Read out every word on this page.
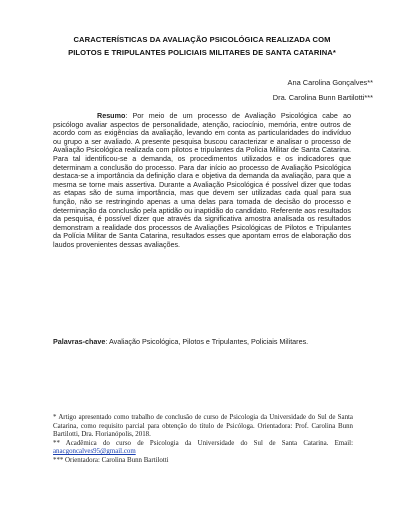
CARACTERÍSTICAS DA AVALIAÇÃO PSICOLÓGICA REALIZADA COM
PILOTOS E TRIPULANTES POLICIAIS MILITARES DE SANTA CATARINA*
Ana Carolina Gonçalves**
Dra. Carolina Bunn Bartilotti***
Resumo: Por meio de um processo de Avaliação Psicológica cabe ao psicólogo avaliar aspectos de personalidade, atenção, raciocínio, memória, entre outros de acordo com as exigências da avaliação, levando em conta as particularidades do indivíduo ou grupo a ser avaliado. A presente pesquisa buscou caracterizar e analisar o processo de Avaliação Psicológica realizada com pilotos e tripulantes da Polícia Militar de Santa Catarina. Para tal identificou-se a demanda, os procedimentos utilizados e os indicadores que determinam a conclusão do processo. Para dar início ao processo de Avaliação Psicológica destaca-se a importância da definição clara e objetiva da demanda da avaliação, para que a mesma se torne mais assertiva. Durante a Avaliação Psicológica é possível dizer que todas as etapas são de suma importância, mas que devem ser utilizadas cada qual para sua função, não se restringindo apenas a uma delas para tomada de decisão do processo e determinação da conclusão pela aptidão ou inaptidão do candidato. Referente aos resultados da pesquisa, é possível dizer que através da significativa amostra analisada os resultados demonstram a realidade dos processos de Avaliações Psicológicas de Pilotos e Tripulantes da Polícia Militar de Santa Catarina, resultados esses que apontam erros de elaboração dos laudos provenientes dessas avaliações.
Palavras-chave: Avaliação Psicológica, Pilotos e Tripulantes, Policiais Militares.

* Artigo apresentado como trabalho de conclusão de curso de Psicologia da Universidade do Sul de Santa Catarina, como requisito parcial para obtenção do título de Psicóloga. Orientadora: Prof. Carolina Bunn Bartilotti, Dra. Florianópolis, 2018.

** Acadêmica do curso de Psicologia da Universidade do Sul de Santa Catarina. Email: anacgoncalves95@gmail.com

*** Orientadora: Carolina Bunn Bartilotti
